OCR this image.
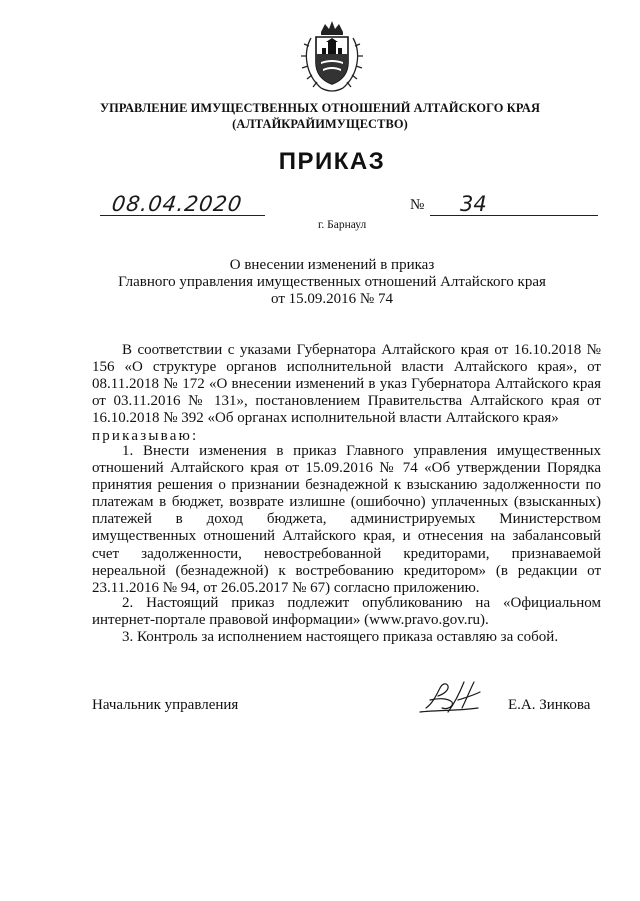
УПРАВЛЕНИЕ ИМУЩЕСТВЕННЫХ ОТНОШЕНИЙ АЛТАЙСКОГО КРАЯ
(АЛТАЙКРАЙИМУЩЕСТВО)
ПРИКАЗ
08.04.2020	№ 34
г. Барнаул
О внесении изменений в приказ
Главного управления имущественных отношений Алтайского края
от 15.09.2016 № 74
В соответствии с указами Губернатора Алтайского края от 16.10.2018 № 156 «О структуре органов исполнительной власти Алтайского края», от 08.11.2018 № 172 «О внесении изменений в указ Губернатора Алтайского края от 03.11.2016 № 131», постановлением Правительства Алтайского края от 16.10.2018 № 392 «Об органах исполнительной власти Алтайского края»
приказываю:
1. Внести изменения в приказ Главного управления имущественных отношений Алтайского края от 15.09.2016 № 74 «Об утверждении Порядка принятия решения о признании безнадежной к взысканию задолженности по платежам в бюджет, возврате излишне (ошибочно) уплаченных (взысканных) платежей в доход бюджета, администрируемых Министерством имущественных отношений Алтайского края, и отнесения на забалансовый счет задолженности, невостребованной кредиторами, признаваемой нереальной (безнадежной) к востребованию кредитором» (в редакции от 23.11.2016 № 94, от 26.05.2017 № 67) согласно приложению.
2. Настоящий приказ подлежит опубликованию на «Официальном интернет-портале правовой информации» (www.pravo.gov.ru).
3. Контроль за исполнением настоящего приказа оставляю за собой.
Начальник управления	Е.А. Зинкова
